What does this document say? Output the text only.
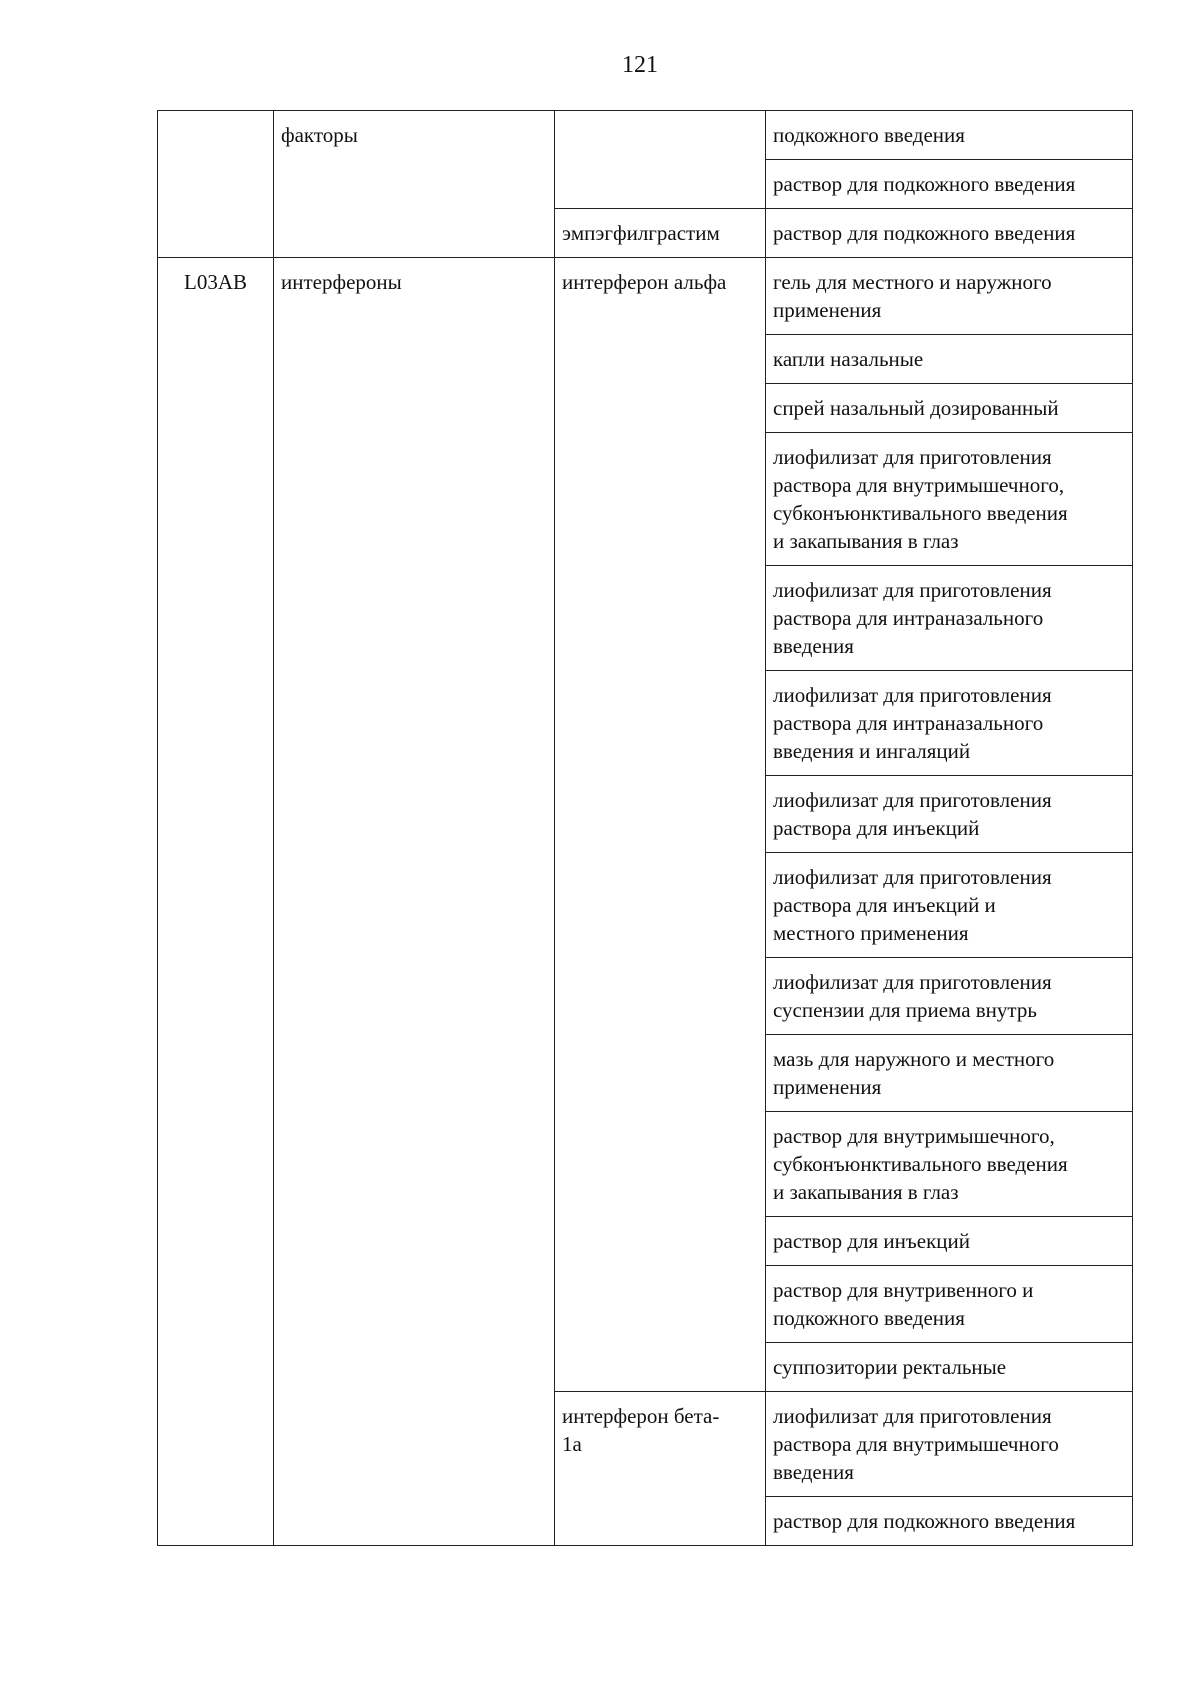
121
L03AB
факторы
интерфероны
эмпэгфилграстим
интерферон альфа
интерферон бета-
1a
подкожного введения
раствор для подкожного введения
раствор для подкожного введения
гель для местного и наружного
применения
капли назальные
спрей назальный дозированный
лиофилизат для приготовления
раствора для внутримышечного,
субконъюнктивального введения
и закапывания в глаз
лиофилизат для приготовления
раствора для интраназального
введения
лиофилизат для приготовления
раствора для интраназального
введения и ингаляций
лиофилизат для приготовления
раствора для инъекций
лиофилизат для приготовления
раствора для инъекций и
местного применения
лиофилизат для приготовления
суспензии для приема внутрь
мазь для наружного и местного
применения
раствор для внутримышечного,
субконъюнктивального введения
и закапывания в глаз
раствор для инъекций
раствор для внутривенного и
подкожного введения
суппозитории ректальные
лиофилизат для приготовления
раствора для внутримышечного
введения
раствор для подкожного введения
